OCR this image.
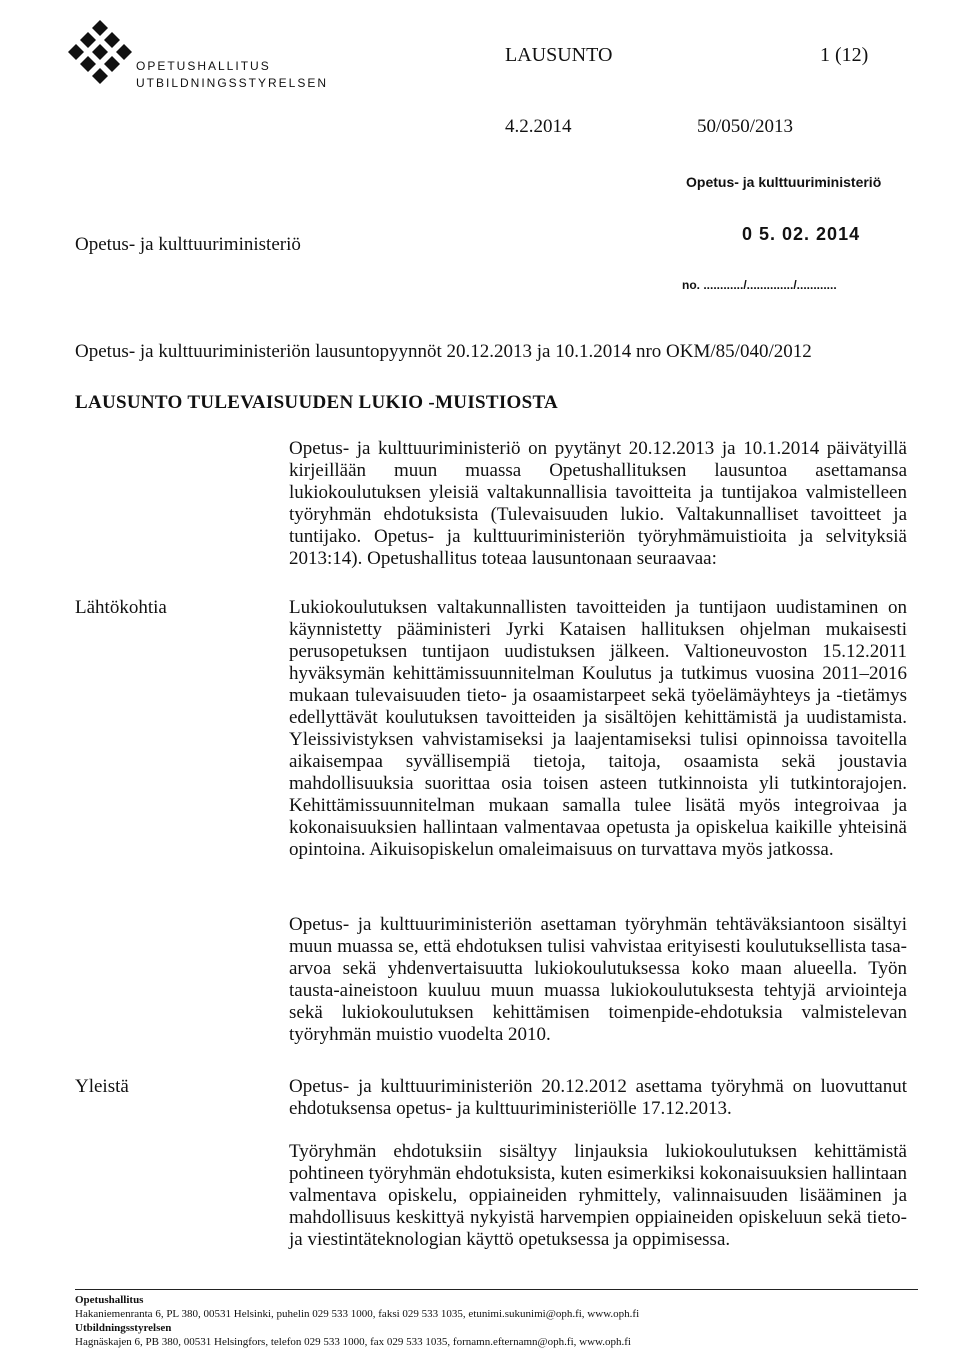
OPETUSHALLITUS
UTBILDNINGSSTYRELSEN
LAUSUNTO	1 (12)
4.2.2014	50/050/2013
Opetus- ja kulttuuriministeriö
0 5. 02. 2014
no. ............/............../............
Opetus- ja kulttuuriministeriö
Opetus- ja kulttuuriministeriön lausuntopyynnöt 20.12.2013 ja 10.1.2014 nro OKM/85/040/2012
LAUSUNTO TULEVAISUUDEN LUKIO -MUISTIOSTA

Opetus- ja kulttuuriministeriö on pyytänyt 20.12.2013 ja 10.1.2014 päivätyillä kirjeillään muun muassa Opetushallituksen lausuntoa asettamansa lukiokoulutuksen yleisiä valtakunnallisia tavoitteita ja tuntijakoa valmistelleen työryhmän ehdotuksista (Tulevaisuuden lukio. Valtakunnalliset tavoitteet ja tuntijako. Opetus- ja kulttuuriministeriön työryhmämuistioita ja selvityksiä 2013:14). Opetushallitus toteaa lausuntonaan seuraavaa:

Lähtökohtia	Lukiokoulutuksen valtakunnallisten tavoitteiden ja tuntijaon uudistaminen on käynnistetty pääministeri Jyrki Kataisen hallituksen ohjelman mukaisesti perusopetuksen tuntijaon uudistuksen jälkeen. Valtioneuvoston 15.12.2011 hyväksymän kehittämissuunnitelman Koulutus ja tutkimus vuosina 2011–2016 mukaan tulevaisuuden tieto- ja osaamistarpeet sekä työelämäyhteys ja -tietämys edellyttävät koulutuksen tavoitteiden ja sisältöjen kehittämistä ja uudistamista. Yleissivistyksen vahvistamiseksi ja laajentamiseksi tulisi opinnoissa tavoitella aikaisempaa syvällisempiä tietoja, taitoja, osaamista sekä joustavia mahdollisuuksia suorittaa osia toisen asteen tutkinnoista yli tutkintorajojen. Kehittämissuunnitelman mukaan samalla tulee lisätä myös integroivaa ja kokonaisuuksien hallintaan valmentavaa opetusta ja opiskelua kaikille yhteisinä opintoina. Aikuisopiskelun omaleimaisuus on turvattava myös jatkossa.

Opetus- ja kulttuuriministeriön asettaman työryhmän tehtäväksiantoon sisältyi muun muassa se, että ehdotuksen tulisi vahvistaa erityisesti koulutuksellista tasa-arvoa sekä yhdenvertaisuutta lukiokoulutuksessa koko maan alueella. Työn tausta-aineistoon kuuluu muun muassa lukiokoulutuksesta tehtyjä arviointeja sekä lukiokoulutuksen kehittämisen toimenpide-ehdotuksia valmistelevan työryhmän muistio vuodelta 2010.

Yleistä	Opetus- ja kulttuuriministeriön 20.12.2012 asettama työryhmä on luovuttanut ehdotuksensa opetus- ja kulttuuriministeriölle 17.12.2013.

Työryhmän ehdotuksiin sisältyy linjauksia lukiokoulutuksen kehittämistä pohtineen työryhmän ehdotuksista, kuten esimerkiksi kokonaisuuksien hallintaan valmentava opiskelu, oppiaineiden ryhmittely, valinnaisuuden lisääminen ja mahdollisuus keskittyä nykyistä harvempien oppiaineiden opiskeluun sekä tieto- ja viestintäteknologian käyttö opetuksessa ja oppimisessa.

Opetushallitus
Hakaniemenranta 6, PL 380, 00531 Helsinki, puhelin 029 533 1000, faksi 029 533 1035, etunimi.sukunimi@oph.fi, www.oph.fi
Utbildningsstyrelsen
Hagnäskajen 6, PB 380, 00531 Helsingfors, telefon 029 533 1000, fax 029 533 1035, fornamn.efternamn@oph.fi, www.oph.fi
